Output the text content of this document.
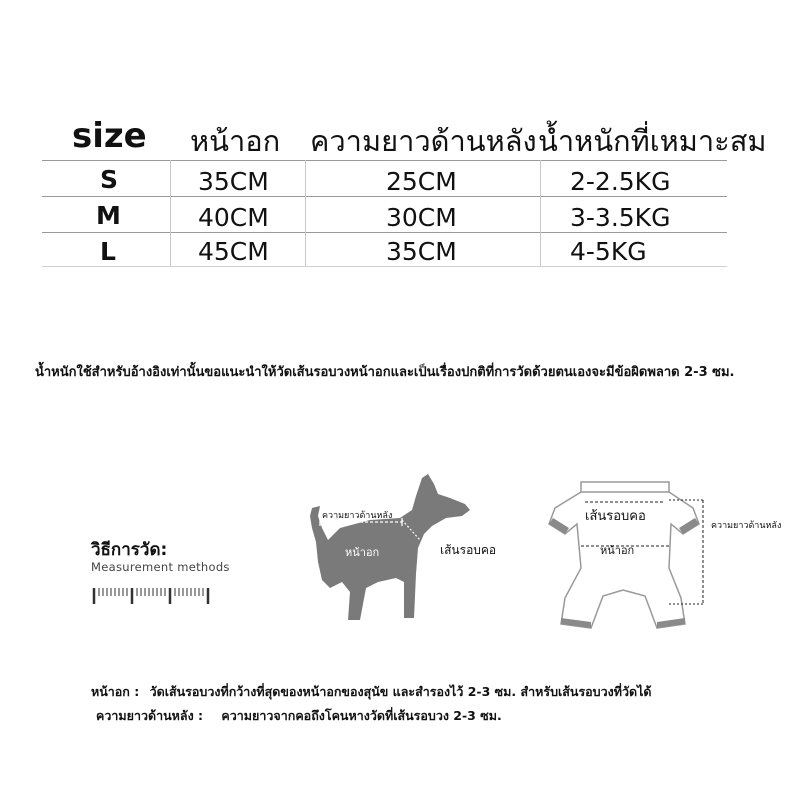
size หน้าอก ความยาวด้านหลัง น้ำหนักที่เหมาะสม
S	35CM	25CM	2-2.5KG
M	40CM	30CM	3-3.5KG
L	45CM	35CM	4-5KG
น้ำหนักใช้สำหรับอ้างอิงเท่านั้นขอแนะนำให้วัดเส้นรอบวงหน้าอกและเป็นเรื่องปกติที่การวัดด้วยตนเองจะมีข้อผิดพลาด 2-3 ซม.
วิธีการวัด:
Measurement methods
ความยาวด้านหลัง
หน้าอก	เส้นรอบคอ
เส้นรอบคอ
หน้าอก
ความยาวด้านหลัง
หน้าอก : วัดเส้นรอบวงที่กว้างที่สุดของหน้าอกของสุนัข และสำรองไว้ 2-3 ซม. สำหรับเส้นรอบวงที่วัดได้
ความยาวด้านหลัง : ความยาวจากคอถึงโคนหางวัดที่เส้นรอบวง 2-3 ซม.
